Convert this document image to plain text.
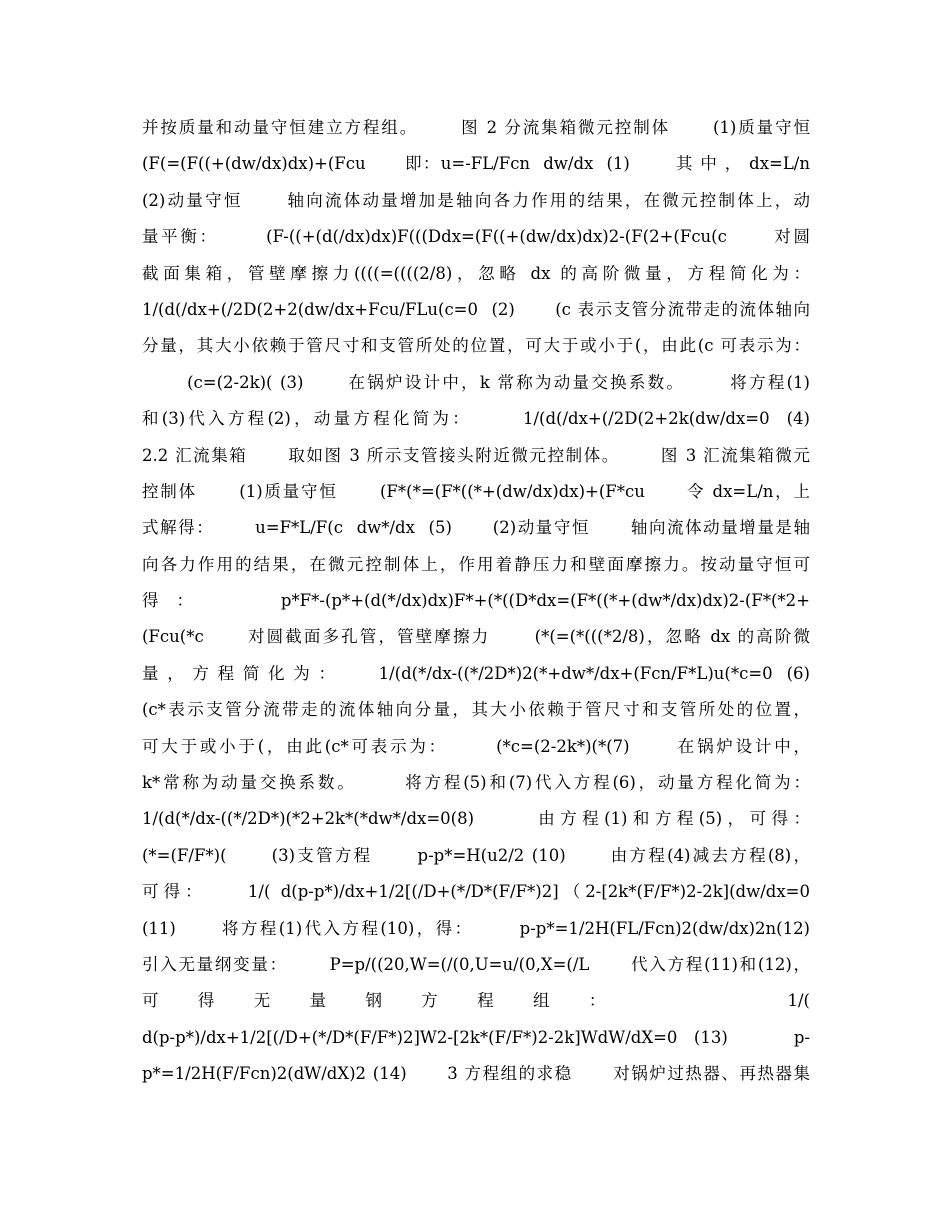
并按质量和动量守恒建立方程组。      图 2 分流集箱微元控制体      (1)质量守恒
(F(=(F((+(dw/dx)dx)+(Fcu      即：u=-FL/Fcn  dw/dx  (1)       其 中 ， dx=L/n
(2)动量守恒      轴向流体动量增加是轴向各力作用的结果，在微元控制体上，动
量平衡：      (F-((+(d(/dx)dx)F(((Ddx=(F((+(dw/dx)dx)2-(F(2+(Fcu(c      对圆
截面集箱，管壁摩擦力((((=((((2/8)，忽略 dx 的高阶微量，方程简化为：
1/(d(/dx+(/2D(2+2(dw/dx+Fcu/FLu(c=0  (2)      (c 表示支管分流带走的流体轴向
分量，其大小依赖于管尺寸和支管所处的位置，可大于或小于(，由此(c 可表示为：
(c=(2-2k)( (3)      在锅炉设计中，k 常称为动量交换系数。      将方程(1)
和(3)代入方程(2)，动量方程化简为：      1/(d(/dx+(/2D(2+2k(dw/dx=0  (4)
2.2 汇流集箱      取如图 3 所示支管接头附近微元控制体。      图 3 汇流集箱微元
控制体      (1)质量守恒      (F*(*=(F*((*+(dw/dx)dx)+(F*cu      令 dx=L/n，上
式解得：      u=F*L/F(c  dw*/dx  (5)      (2)动量守恒      轴向流体动量增量是轴
向各力作用的结果，在微元控制体上，作用着静压力和壁面摩擦力。按动量守恒可
得 ：       p*F*-(p*+(d(*/dx)dx)F*+(*((D*dx=(F*((*+(dw*/dx)dx)2-(F*(*2+
(Fcu(*c      对圆截面多孔管，管壁摩擦力      (*(=(*(((*2/8)，忽略 dx 的高阶微
量 ， 方 程 简 化 为 ：      1/(d(*/dx-((*/2D*)2(*+dw*/dx+(Fcn/F*L)u(*c=0  (6)
(c*表示支管分流带走的流体轴向分量，其大小依赖于管尺寸和支管所处的位置，
可大于或小于(，由此(c*可表示为：      (*c=(2-2k*)(*(7)      在锅炉设计中，
k*常称为动量交换系数。      将方程(5)和(7)代入方程(6)，动量方程化简为：
1/(d(*/dx-((*/2D*)(*2+2k*(*dw*/dx=0(8)      由方程(1)和方程(5)，可得：
(*=(F/F*)(      (3)支管方程      p-p*=H(u2/2 (10)      由方程(4)减去方程(8)，
可得：    1/( d(p-p*)/dx+1/2[(/D+(*/D*(F/F*)2]（2-[2k*(F/F*)2-2k](dw/dx=0
(11)      将方程(1)代入方程(10)，得：      p-p*=1/2H(FL/Fcn)2(dw/dx)2n(12)
引入无量纲变量：      P=p/((20,W=(/(0,U=u/(0,X=(/L      代入方程(11)和(12)，
可    得    无    量    钢    方    程    组    ：                    1/(
d(p-p*)/dx+1/2[(/D+(*/D*(F/F*)2]W2-[2k*(F/F*)2-2k]WdW/dX=0  (13)        p-
p*=1/2H(F/Fcn)2(dW/dX)2 (14)      3 方程组的求稳      对锅炉过热器、再热器集
